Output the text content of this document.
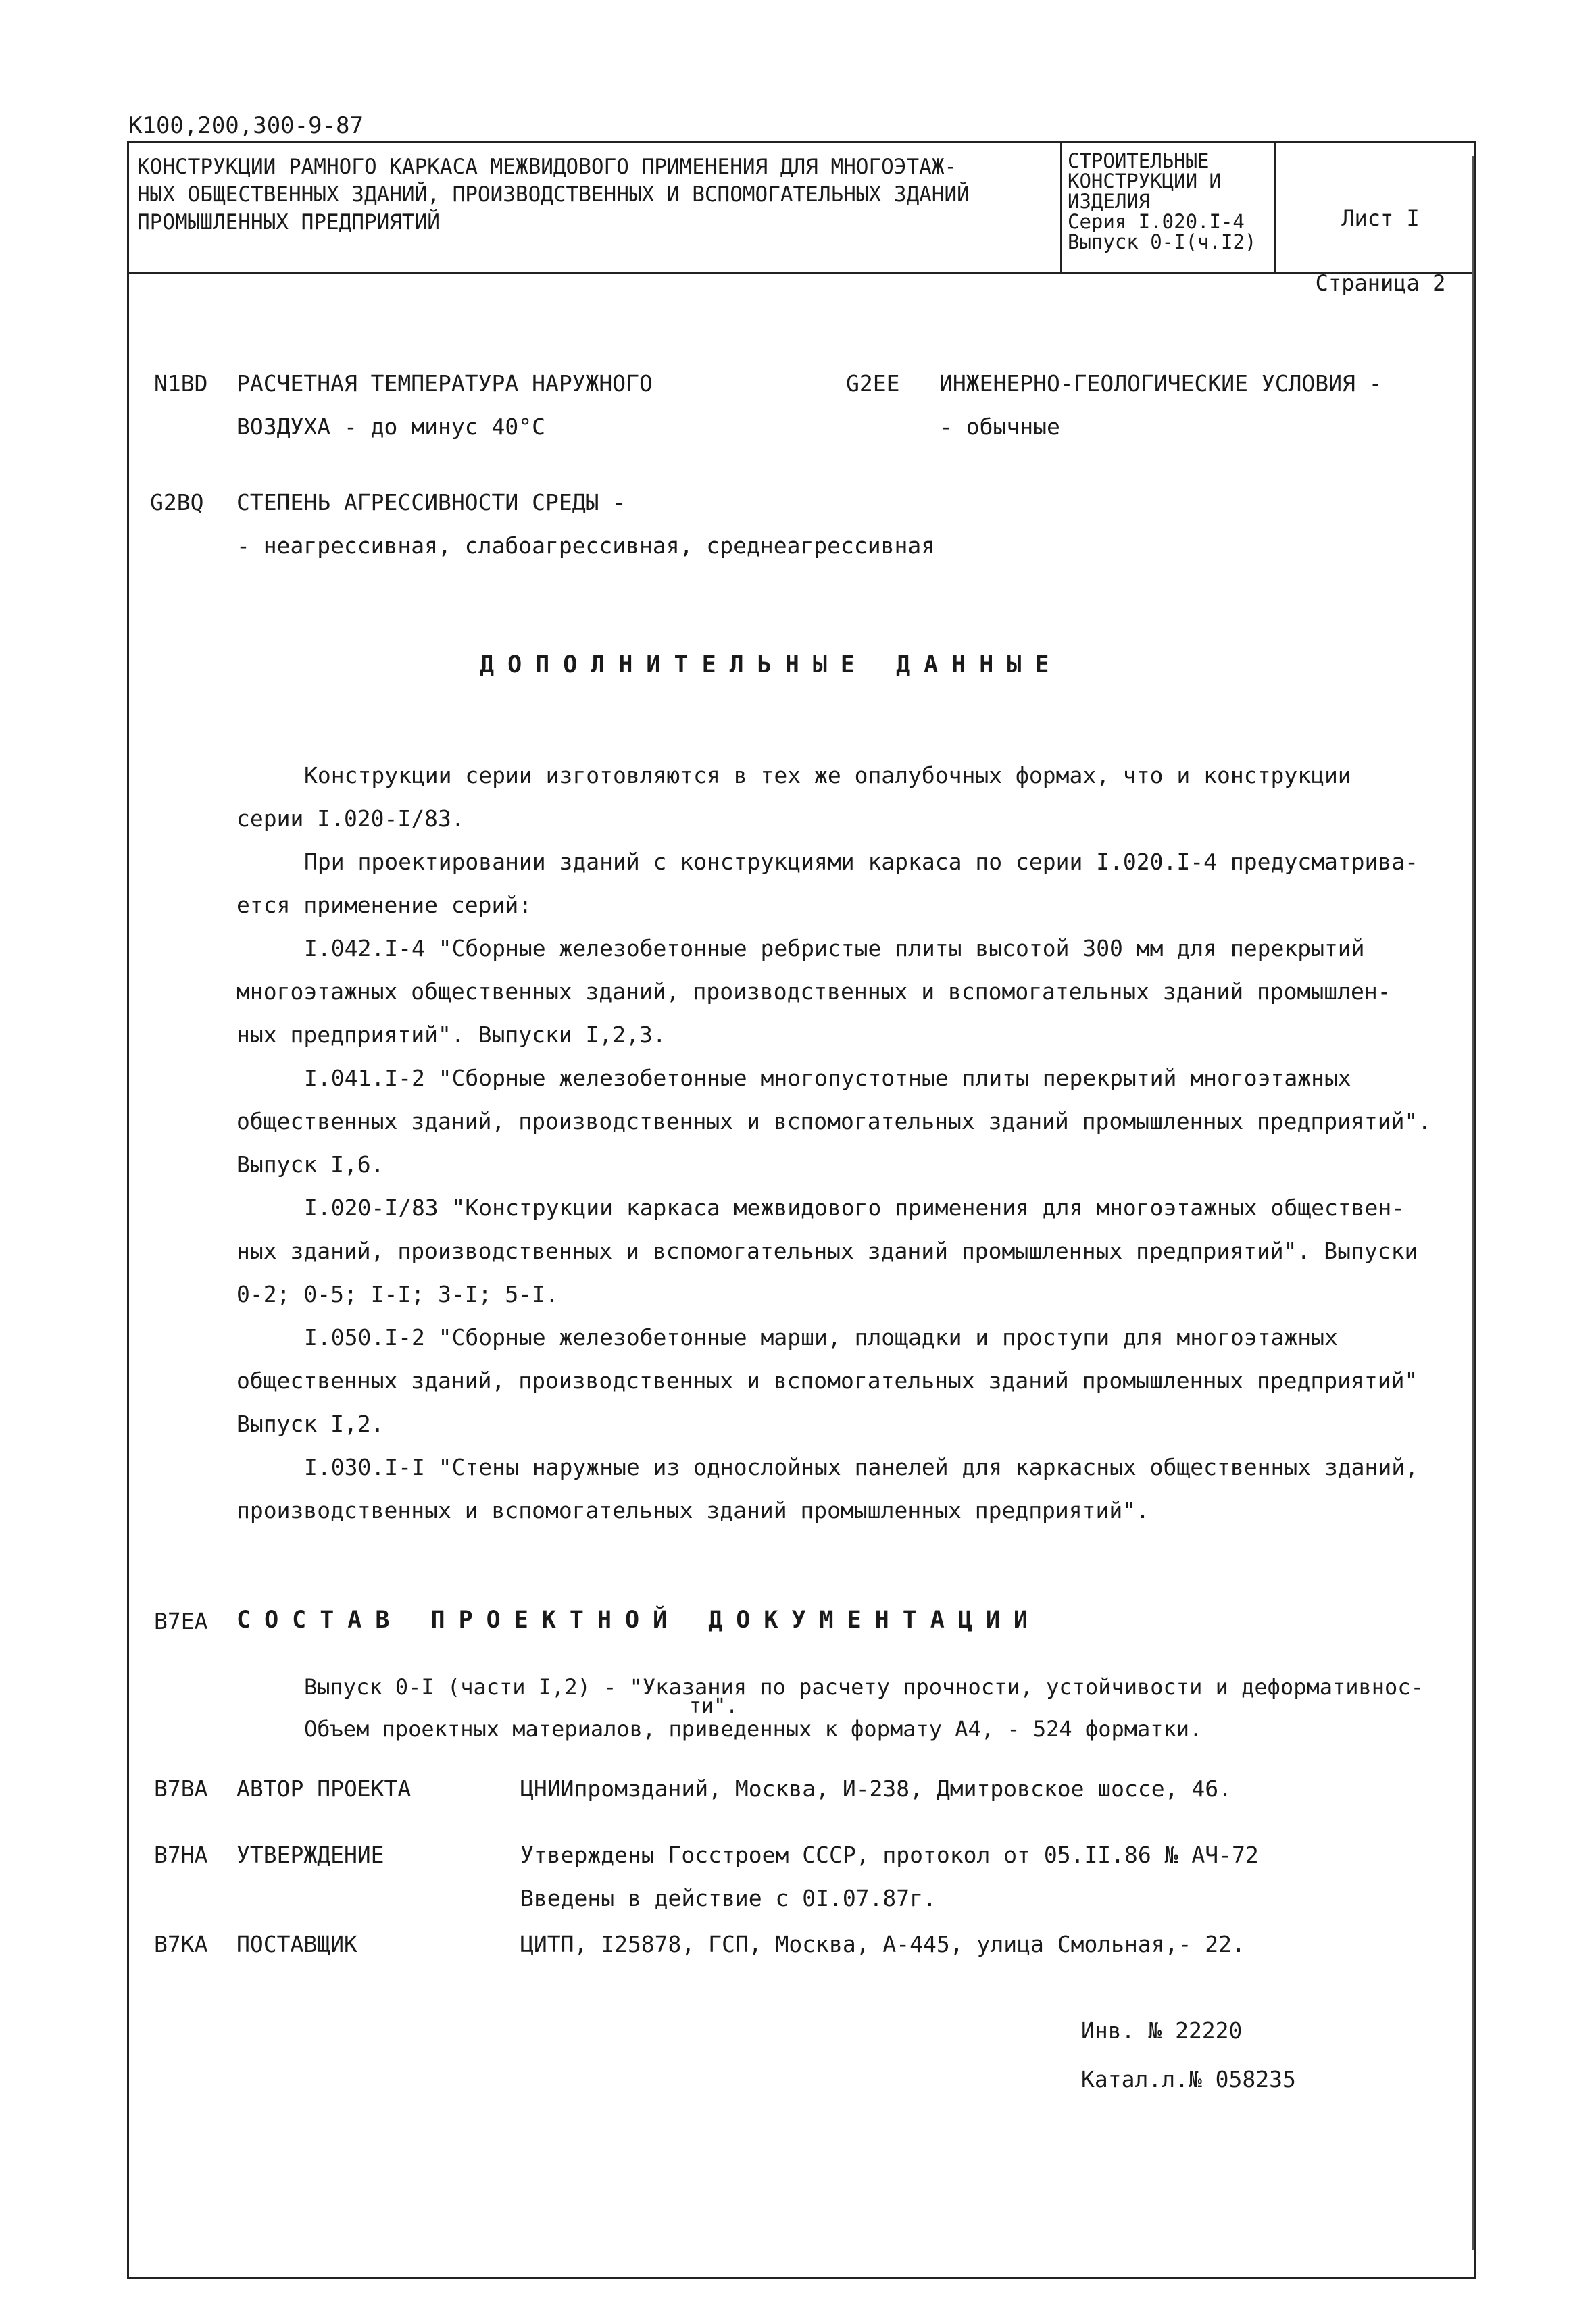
К100,200,300-9-87
КОНСТРУКЦИИ РАМНОГО КАРКАСА МЕЖВИДОВОГО ПРИМЕНЕНИЯ ДЛЯ МНОГОЭТАЖ-
НЫХ ОБЩЕСТВЕННЫХ ЗДАНИЙ, ПРОИЗВОДСТВЕННЫХ И ВСПОМОГАТЕЛЬНЫХ ЗДАНИЙ
ПРОМЫШЛЕННЫХ ПРЕДПРИЯТИЙ
СТРОИТЕЛЬНЫЕ
КОНСТРУКЦИИ И
ИЗДЕЛИЯ
Серия I.020.I-4
Выпуск 0-I(ч.I2)

Лист I

Страница 2

N1BD РАСЧЕТНАЯ ТЕМПЕРАТУРА НАРУЖНОГО
ВОЗДУХА - до минус 40°С
G2EE ИНЖЕНЕРНО-ГЕОЛОГИЧЕСКИЕ УСЛОВИЯ -
- обычные
G2BQ СТЕПЕНЬ АГРЕССИВНОСТИ СРЕДЫ -
- неагрессивная, слабоагрессивная, среднеагрессивная
ДОПОЛНИТЕЛЬНЫЕ ДАННЫЕ
Конструкции серии изготовляются в тех же опалубочных формах, что и конструкции
серии I.020-I/83.
При проектировании зданий с конструкциями каркаса по серии I.020.I-4 предусматрива-
ется применение серий:
I.042.I-4 "Сборные железобетонные ребристые плиты высотой 300 мм для перекрытий
многоэтажных общественных зданий, производственных и вспомогательных зданий промышлен-
ных предприятий". Выпуски I,2,3.
I.041.I-2 "Сборные железобетонные многопустотные плиты перекрытий многоэтажных
общественных зданий, производственных и вспомогательных зданий промышленных предприятий".
Выпуск I,6.
I.020-I/83 "Конструкции каркаса межвидового применения для многоэтажных обществен-
ных зданий, производственных и вспомогательных зданий промышленных предприятий". Выпуски
0-2; 0-5; I-I; 3-I; 5-I.
I.050.I-2 "Сборные железобетонные марши, площадки и проступи для многоэтажных
общественных зданий, производственных и вспомогательных зданий промышленных предприятий"
Выпуск I,2.
I.030.I-I "Стены наружные из однослойных панелей для каркасных общественных зданий,
производственных и вспомогательных зданий промышленных предприятий".
B7EA СОСТАВ ПРОЕКТНОЙ ДОКУМЕНТАЦИИ
Выпуск 0-I (части I,2) - "Указания по расчету прочности, устойчивости и деформативнос-
ти".
Объем проектных материалов, приведенных к формату А4, - 524 форматки.
B7BA АВТОР ПРОЕКТА	ЦНИИпромзданий, Москва, И-238, Дмитровское шоссе, 46.
B7HA УТВЕРЖДЕНИЕ	Утверждены Госстроем СССР, протокол от 05.II.86 № АЧ-72
Введены в действие с 0I.07.87г.
B7KA ПОСТАВЩИК	ЦИТП, I25878, ГСП, Москва, А-445, улица Смольная,- 22.
Инв. № 22220
Катал.л.№ 058235
